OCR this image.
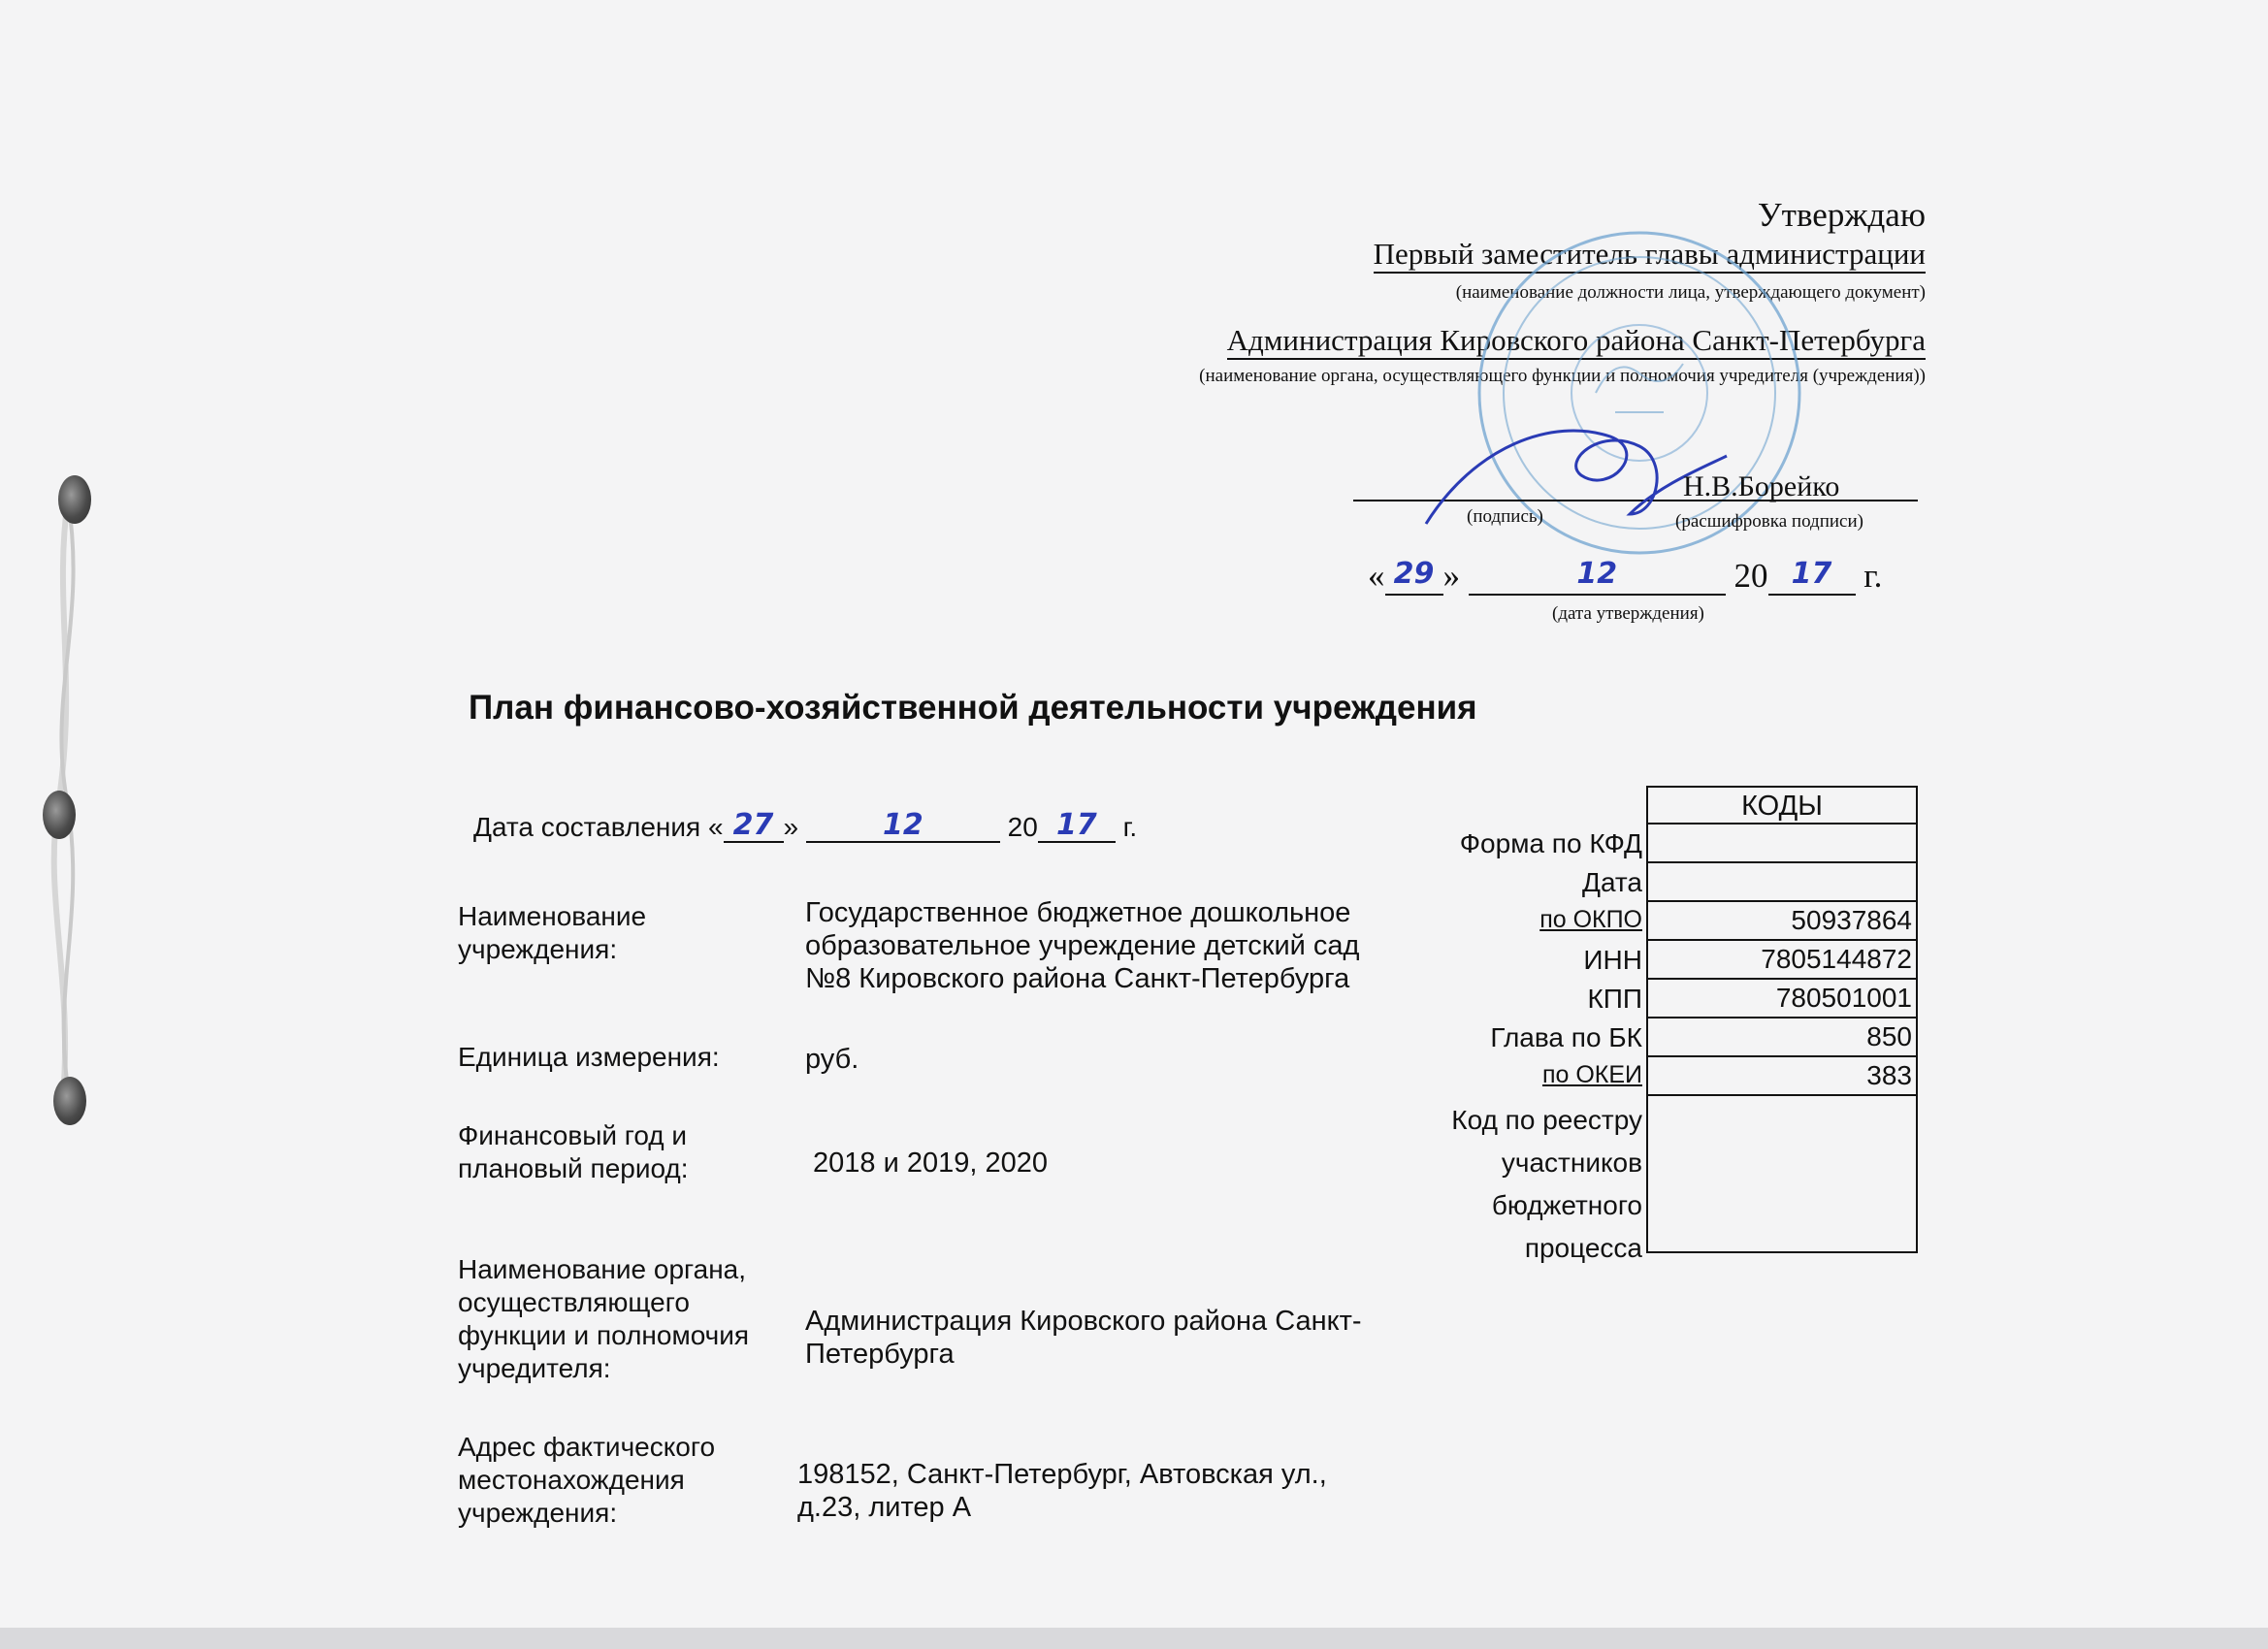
Утверждаю
Первый заместитель главы администрации
(наименование должности лица, утверждающего документ)
Администрация Кировского района Санкт-Петербурга
(наименование органа, осуществляющего функции и полномочия учредителя (учреждения))
Н.В.Борейко
(подпись)	(расшифровка подписи)
« 29 »	12	20 17 г.
(дата утверждения)
План финансово-хозяйственной деятельности учреждения
Дата составления « 27 »	12	20 17 г.
Наименование учреждения:
Государственное бюджетное дошкольное образовательное учреждение детский сад №8 Кировского района Санкт-Петербурга
Единица измерения:	руб.
Финансовый год и плановый период:	2018 и 2019, 2020
Наименование органа, осуществляющего функции и полномочия учредителя:
Администрация Кировского района Санкт-Петербурга
Адрес фактического местонахождения учреждения:
198152, Санкт-Петербург, Автовская ул., д.23, литер А
КОДЫ
Форма по КФД
Дата
по ОКПО	50937864
ИНН	7805144872
КПП	780501001
Глава по БК	850
по ОКЕИ	383
Код по реестру участников бюджетного процесса
